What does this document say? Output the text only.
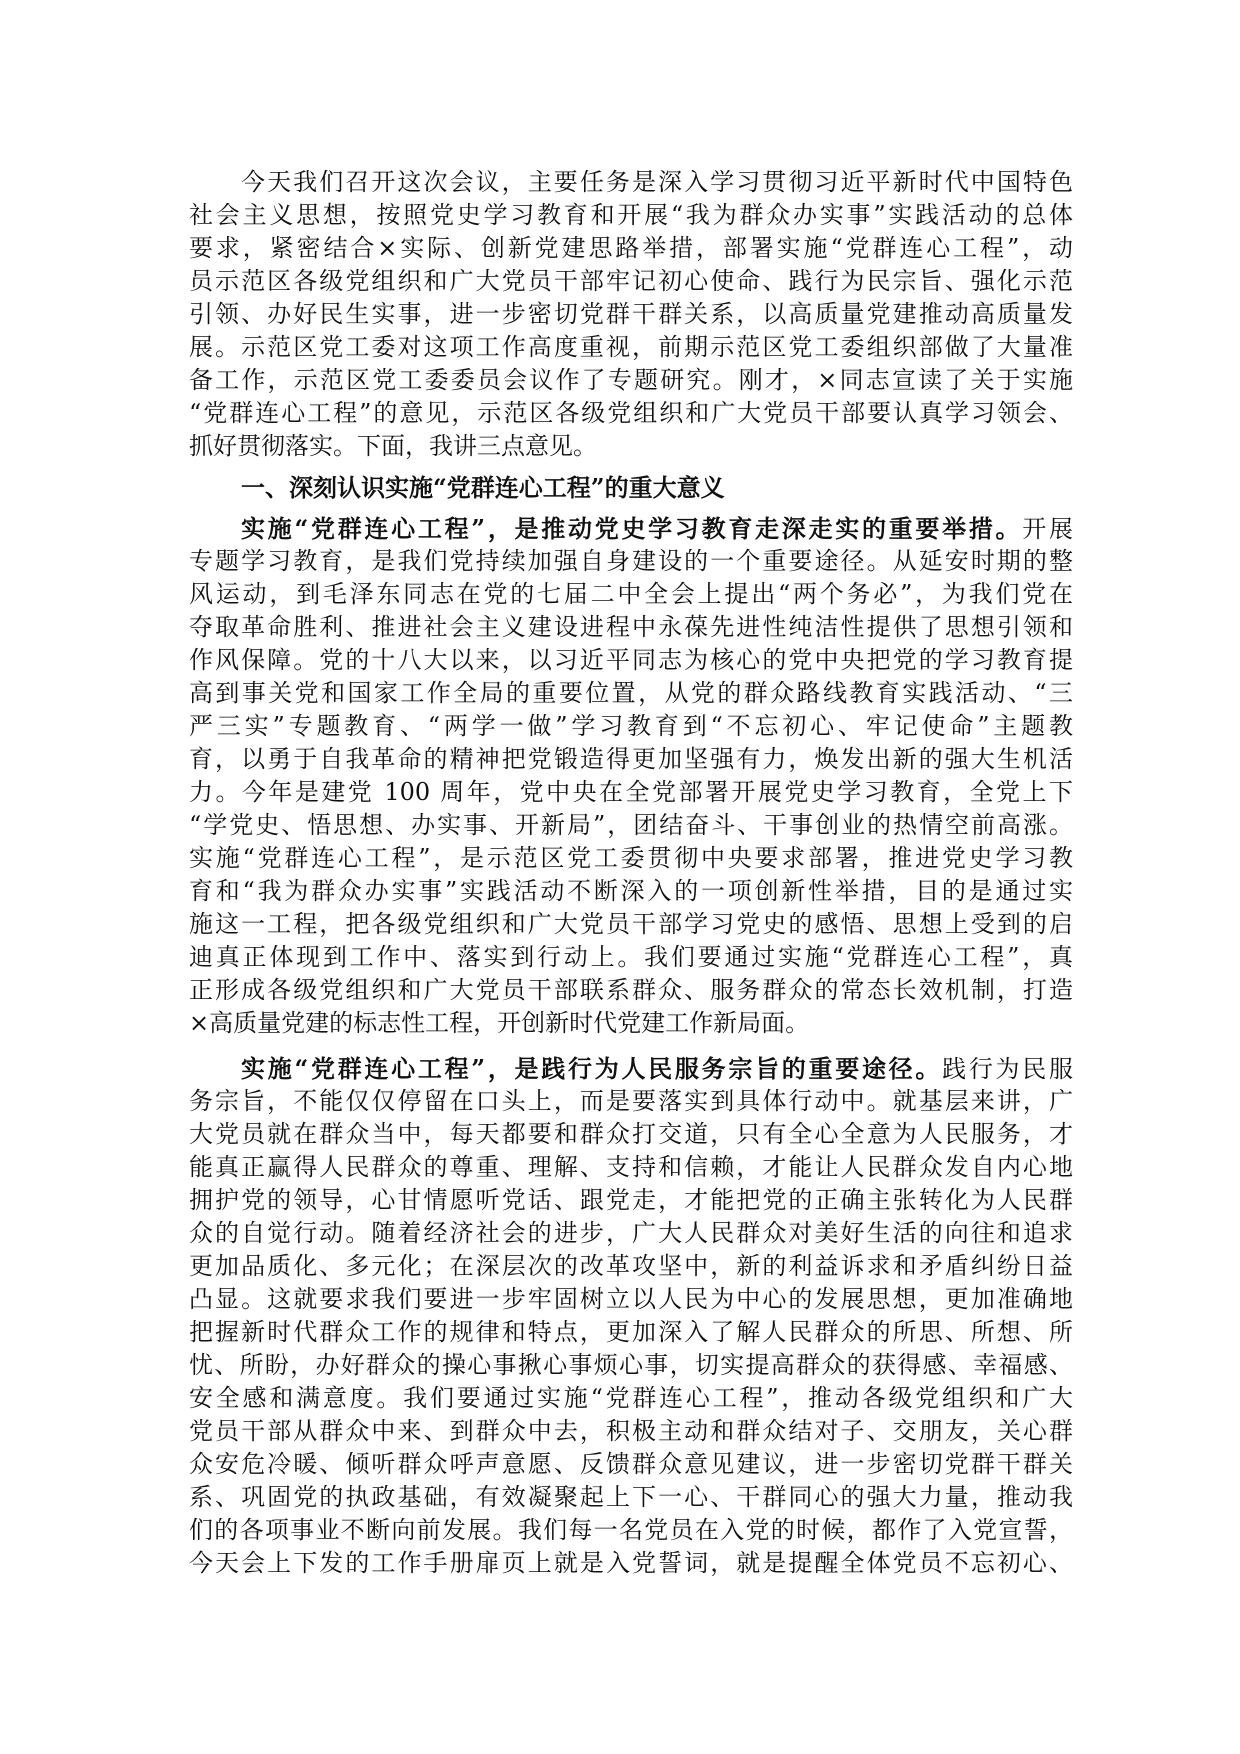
今天我们召开这次会议，主要任务是深入学习贯彻习近平新时代中国特色
社会主义思想，按照党史学习教育和开展“我为群众办实事”实践活动的总体
要求，紧密结合×实际、创新党建思路举措，部署实施“党群连心工程”，动
员示范区各级党组织和广大党员干部牢记初心使命、践行为民宗旨、强化示范
引领、办好民生实事，进一步密切党群干群关系，以高质量党建推动高质量发
展。示范区党工委对这项工作高度重视，前期示范区党工委组织部做了大量准
备工作，示范区党工委委员会议作了专题研究。刚才，×同志宣读了关于实施
“党群连心工程”的意见，示范区各级党组织和广大党员干部要认真学习领会、
抓好贯彻落实。下面，我讲三点意见。
一、深刻认识实施“党群连心工程”的重大意义
实施“党群连心工程”，是推动党史学习教育走深走实的重要举措。开展
专题学习教育，是我们党持续加强自身建设的一个重要途径。从延安时期的整
风运动，到毛泽东同志在党的七届二中全会上提出“两个务必”，为我们党在
夺取革命胜利、推进社会主义建设进程中永葆先进性纯洁性提供了思想引领和
作风保障。党的十八大以来，以习近平同志为核心的党中央把党的学习教育提
高到事关党和国家工作全局的重要位置，从党的群众路线教育实践活动、“三
严三实”专题教育、“两学一做”学习教育到“不忘初心、牢记使命”主题教
育，以勇于自我革命的精神把党锻造得更加坚强有力，焕发出新的强大生机活
力。今年是建党 100 周年，党中央在全党部署开展党史学习教育，全党上下
“学党史、悟思想、办实事、开新局”，团结奋斗、干事创业的热情空前高涨。
实施“党群连心工程”，是示范区党工委贯彻中央要求部署，推进党史学习教
育和“我为群众办实事”实践活动不断深入的一项创新性举措，目的是通过实
施这一工程，把各级党组织和广大党员干部学习党史的感悟、思想上受到的启
迪真正体现到工作中、落实到行动上。我们要通过实施“党群连心工程”，真
正形成各级党组织和广大党员干部联系群众、服务群众的常态长效机制，打造
×高质量党建的标志性工程，开创新时代党建工作新局面。
实施“党群连心工程”，是践行为人民服务宗旨的重要途径。践行为民服
务宗旨，不能仅仅停留在口头上，而是要落实到具体行动中。就基层来讲，广
大党员就在群众当中，每天都要和群众打交道，只有全心全意为人民服务，才
能真正赢得人民群众的尊重、理解、支持和信赖，才能让人民群众发自内心地
拥护党的领导，心甘情愿听党话、跟党走，才能把党的正确主张转化为人民群
众的自觉行动。随着经济社会的进步，广大人民群众对美好生活的向往和追求
更加品质化、多元化；在深层次的改革攻坚中，新的利益诉求和矛盾纠纷日益
凸显。这就要求我们要进一步牢固树立以人民为中心的发展思想，更加准确地
把握新时代群众工作的规律和特点，更加深入了解人民群众的所思、所想、所
忧、所盼，办好群众的操心事揪心事烦心事，切实提高群众的获得感、幸福感、
安全感和满意度。我们要通过实施“党群连心工程”，推动各级党组织和广大
党员干部从群众中来、到群众中去，积极主动和群众结对子、交朋友，关心群
众安危冷暖、倾听群众呼声意愿、反馈群众意见建议，进一步密切党群干群关
系、巩固党的执政基础，有效凝聚起上下一心、干群同心的强大力量，推动我
们的各项事业不断向前发展。我们每一名党员在入党的时候，都作了入党宣誓，
今天会上下发的工作手册扉页上就是入党誓词，就是提醒全体党员不忘初心、
